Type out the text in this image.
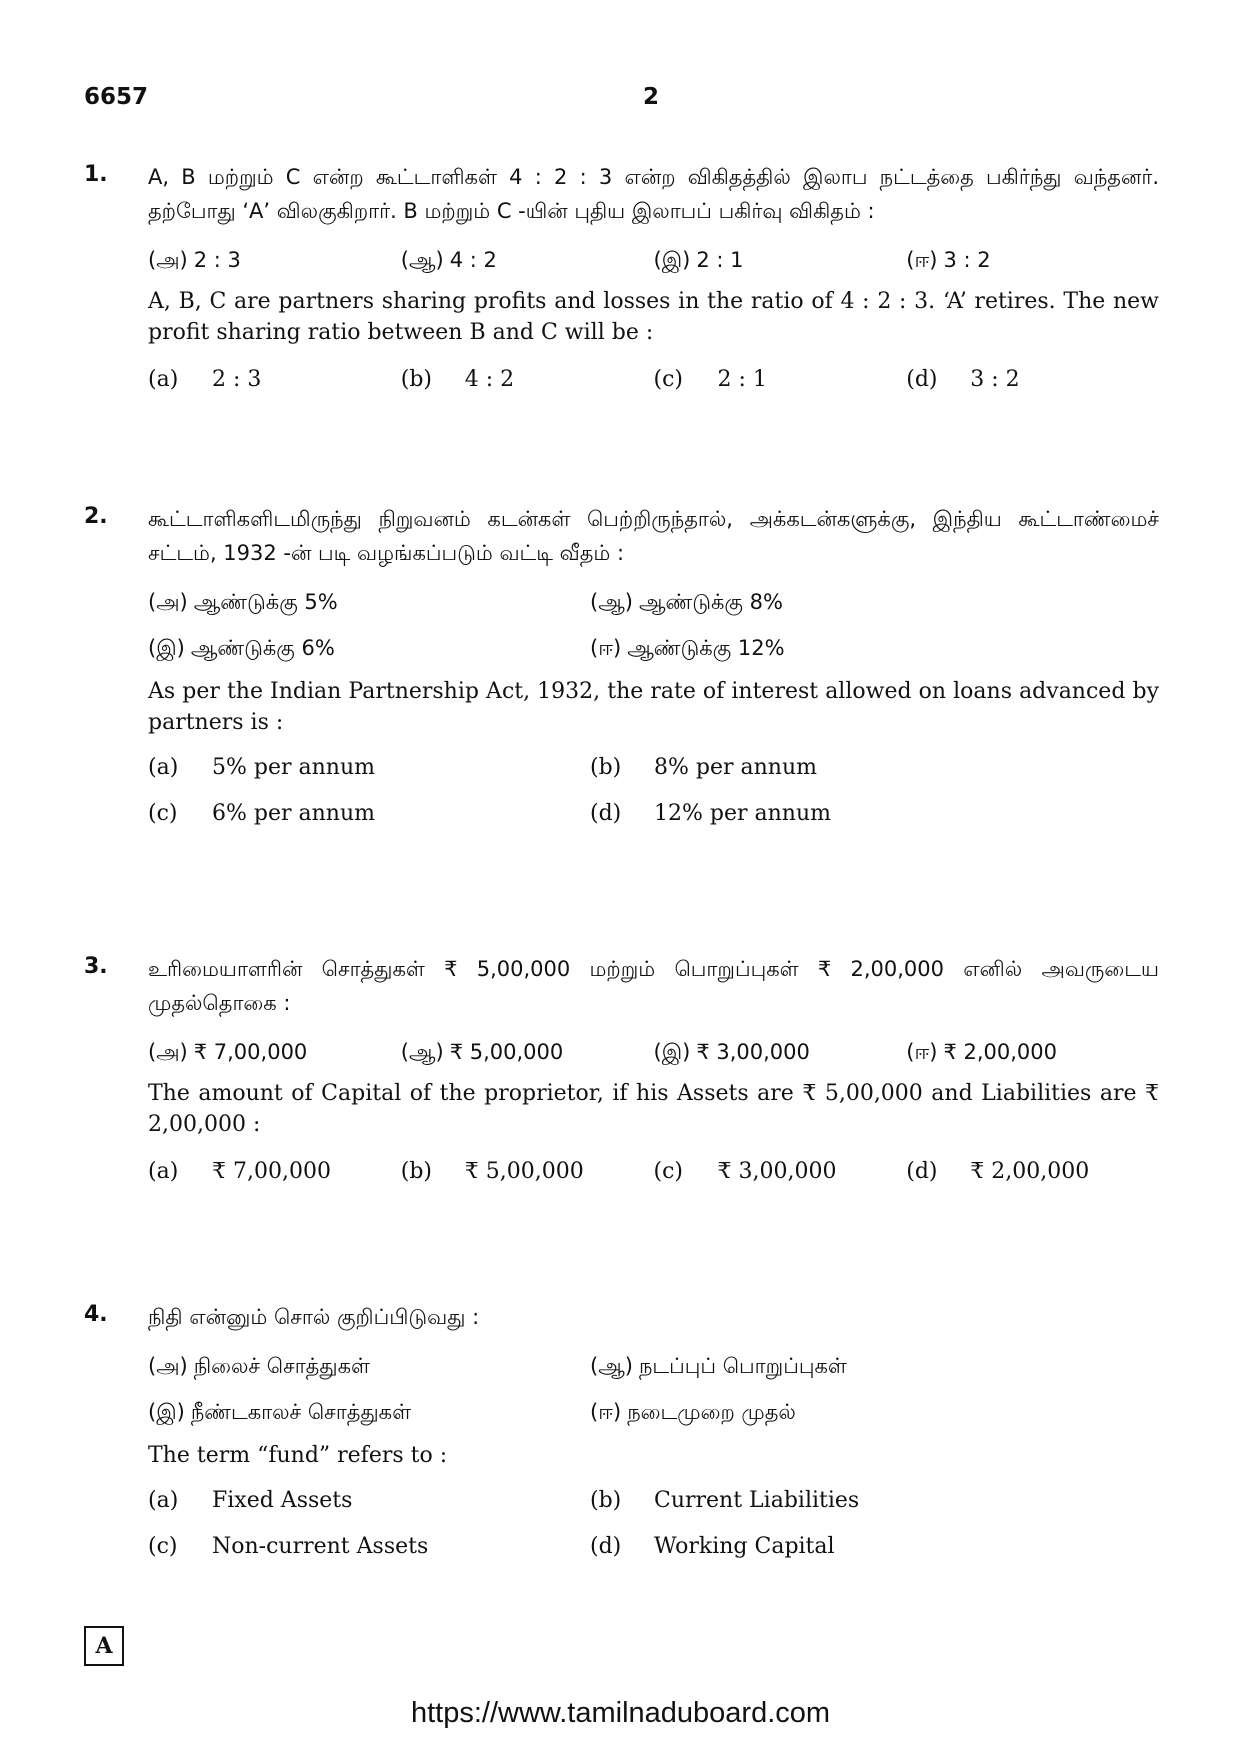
6657	2
1. A, B மற்றும் C என்ற கூட்டாளிகள் 4 : 2 : 3 என்ற விகிதத்தில் இலாப நட்டத்தை பகிர்ந்து வந்தனர். தற்போது ‘A’ விலகுகிறார். B மற்றும் C -யின் புதிய இலாபப் பகிர்வு விகிதம் :
(அ) 2 : 3	(ஆ) 4 : 2	(இ) 2 : 1	(ஈ) 3 : 2
A, B, C are partners sharing profits and losses in the ratio of 4 : 2 : 3. ‘A’ retires. The new profit sharing ratio between B and C will be :
(a)	2 : 3	(b)	4 : 2	(c)	2 : 1	(d)	3 : 2
2. கூட்டாளிகளிடமிருந்து நிறுவனம் கடன்கள் பெற்றிருந்தால், அக்கடன்களுக்கு, இந்திய கூட்டாண்மைச் சட்டம், 1932 -ன் படி வழங்கப்படும் வட்டி வீதம் :
(அ) ஆண்டுக்கு 5%	(ஆ) ஆண்டுக்கு 8%
(இ) ஆண்டுக்கு 6%	(ஈ) ஆண்டுக்கு 12%
As per the Indian Partnership Act, 1932, the rate of interest allowed on loans advanced by partners is :
(a)	5% per annum	(b)	8% per annum
(c)	6% per annum	(d)	12% per annum
3. உரிமையாளரின் சொத்துகள் ₹ 5,00,000 மற்றும் பொறுப்புகள் ₹ 2,00,000 எனில் அவருடைய முதல்தொகை :
(அ) ₹ 7,00,000	(ஆ) ₹ 5,00,000	(இ) ₹ 3,00,000	(ஈ) ₹ 2,00,000
The amount of Capital of the proprietor, if his Assets are ₹ 5,00,000 and Liabilities are ₹ 2,00,000 :
(a)	₹ 7,00,000	(b)	₹ 5,00,000	(c)	₹ 3,00,000	(d)	₹ 2,00,000
4. நிதி என்னும் சொல் குறிப்பிடுவது :
(அ) நிலைச் சொத்துகள்	(ஆ) நடப்புப் பொறுப்புகள்
(இ) நீண்டகாலச் சொத்துகள்	(ஈ) நடைமுறை முதல்
The term “fund” refers to :
(a)	Fixed Assets	(b)	Current Liabilities
(c)	Non-current Assets	(d)	Working Capital
A
https://www.tamilnaduboard.com
